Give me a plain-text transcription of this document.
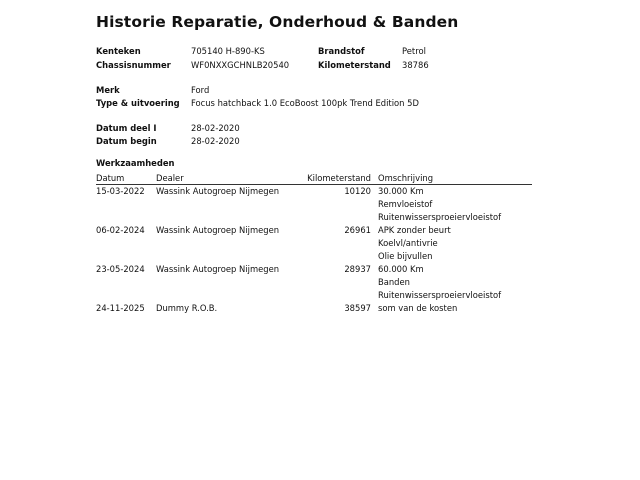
Historie Reparatie, Onderhoud & Banden
Kenteken	705140 H-890-KS	Brandstof	Petrol
Chassisnummer WF0NXXGCHNLB20540	Kilometerstand 38786
Merk	Ford
Type & uitvoering Focus hatchback 1.0 EcoBoost 100pk Trend Edition 5D
Datum deel I	28-02-2020
Datum begin	28-02-2020
Werkzaamheden
Datum	Dealer	Kilometerstand Omschrijving
15-03-2022 Wassink Autogroep Nijmegen	10120 30.000 Km
Remvloeistof
Ruitenwissersproeiervloeistof
06-02-2024 Wassink Autogroep Nijmegen	26961 APK zonder beurt
Koelvl/antivrie
Olie bijvullen
23-05-2024 Wassink Autogroep Nijmegen	28937 60.000 Km
Banden
Ruitenwissersproeiervloeistof
24-11-2025 Dummy R.O.B.	38597 som van de kosten
